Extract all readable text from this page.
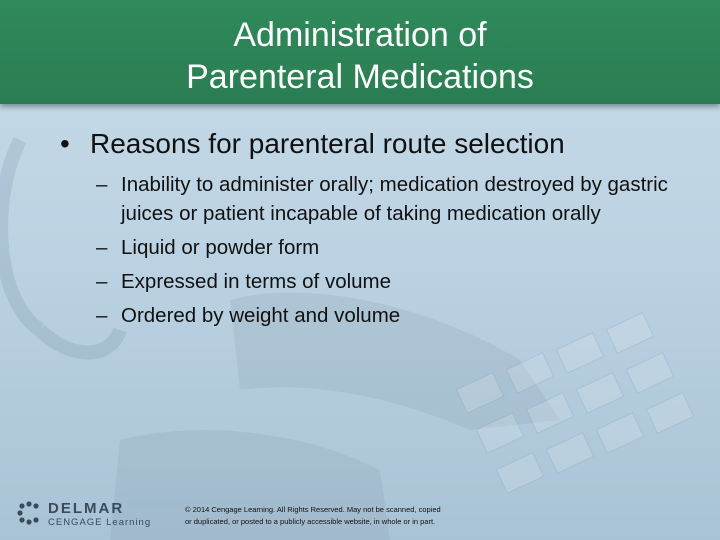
Administration of
Parenteral Medications
• Reasons for parenteral route selection
– Inability to administer orally; medication destroyed by gastric juices or patient incapable of taking medication orally
– Liquid or powder form
– Expressed in terms of volume
– Ordered by weight and volume
DELMAR
CENGAGE Learning
© 2014 Cengage Learning. All Rights Reserved. May not be scanned, copied
or duplicated, or posted to a publicly accessible website, in whole or in part.
